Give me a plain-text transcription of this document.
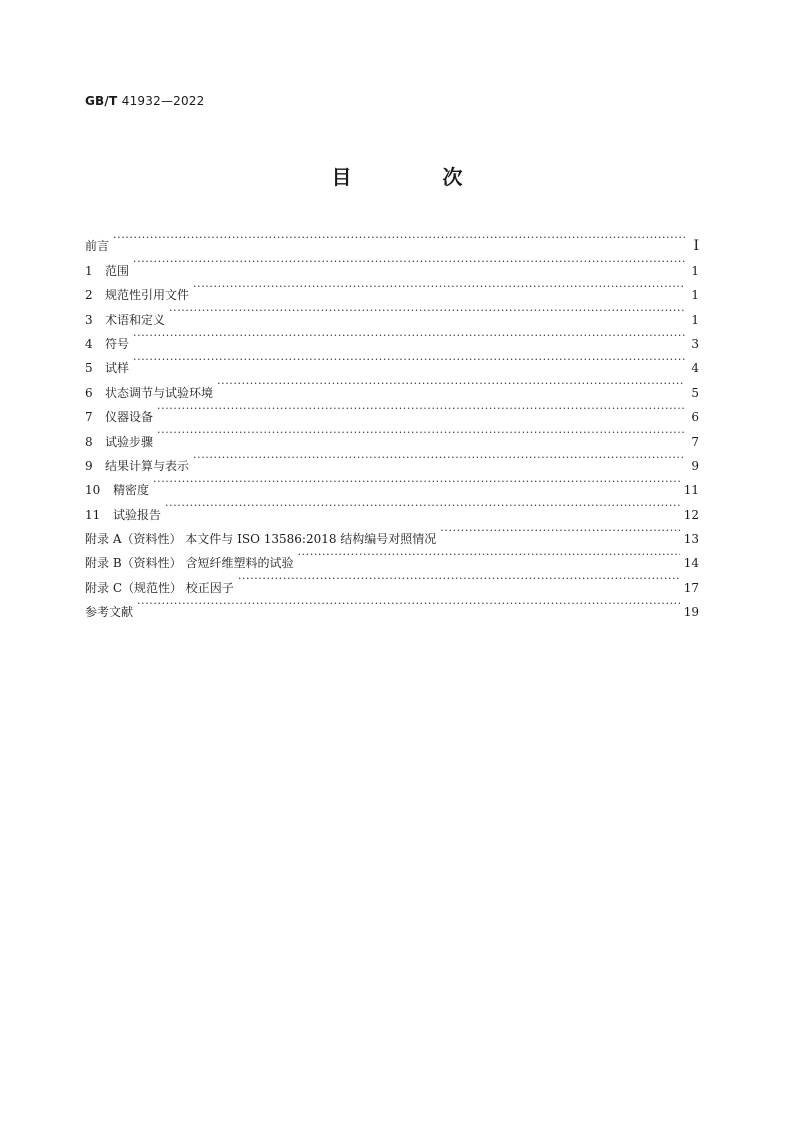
GB/T 41932—2022
目 次
前言 ·····	Ⅰ
1 范围 ·····	1
2 规范性引用文件 ·····	1
3 术语和定义 ·····	1
4 符号 ·····	3
5 试样 ·····	4
6 状态调节与试验环境 ·····	5
7 仪器设备 ·····	6
8 试验步骤 ·····	7
9 结果计算与表示 ·····	9
10 精密度 ·····	11
11 试验报告 ·····	12
附录 A（资料性） 本文件与 ISO 13586:2018 结构编号对照情况 ·····	13
附录 B（资料性） 含短纤维塑料的试验 ·····	14
附录 C（规范性） 校正因子 ·····	17
参考文献 ·····	19
